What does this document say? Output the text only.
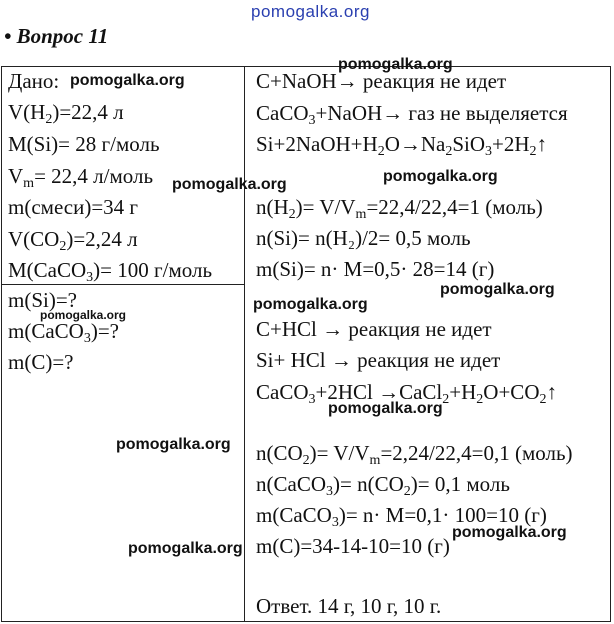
pomogalka.org
• Вопрос 11
Дано:
$V(H_2)=22,4$ л
M(Si)= 28 г/моль
$V_m= 22,4$ л/моль
m(смеси)=34 г
$V(CO_2)=2,24$ л
M(CaCO$_3$)= 100 г/моль
m(Si)=?
m(CaCO$_3$)=?
m(C)=?
C+NaOH→ реакция не идет
CaCO$_3$+NaOH→ газ не выделяется
$Si+2NaOH+H_2O\to Na_2SiO_3+2H_2↑$
$n(H_2)= V/V_m=22,4/22,4=1$ (моль)
n(Si)= n(H₂)/2= 0,5 моль
m(Si)= n· M=0,5· 28=14 (г)
C+HCl → реакция не идет
Si+ HCl → реакция не идет
CaCO$_3$+2HCl $\to CaCl_2+H_2O+CO_2↑$
$n(CO_2)= V/V_m=2,24/22,4=0,1$ (моль)
n(CaCO$_3$)= $n(CO_2)= 0,1$ моль
m(CaCO$_3$)= n· M=0,1· 100=10 (г)
m(C)=34-14-10=10 (г)
Ответ. 14 г, 10 г, 10 г.
pomogalka.org
pomogalka.org
pomogalka.org	pomogalka.org
pomogalka.org
pomogalka.org
pomogalka.org
pomogalka.org
pomogalka.org
pomogalka.org
pomogalka.org
